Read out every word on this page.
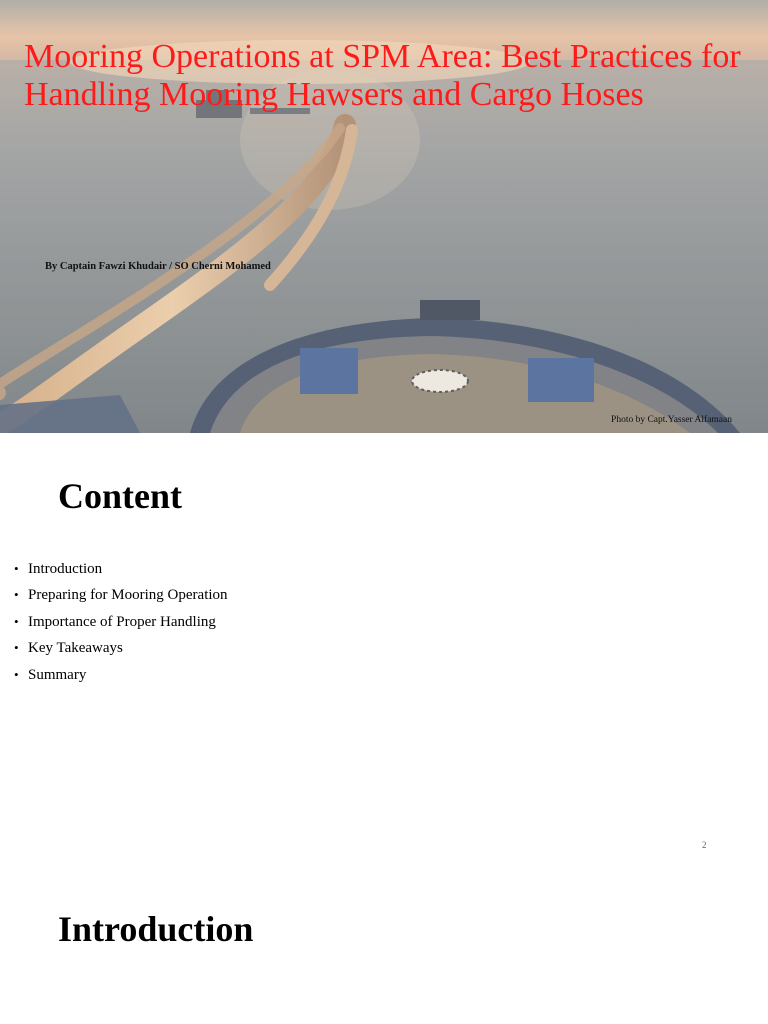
Mooring Operations at SPM Area: Best Practices for Handling Mooring Hawsers and Cargo Hoses

By Captain Fawzi Khudair / SO Cherni Mohamed

Photo by Capt.Yasser Alfamaan

Content
• Introduction
• Preparing for Mooring Operation
• Importance of Proper Handling
• Key Takeaways
• Summary
2
Introduction
